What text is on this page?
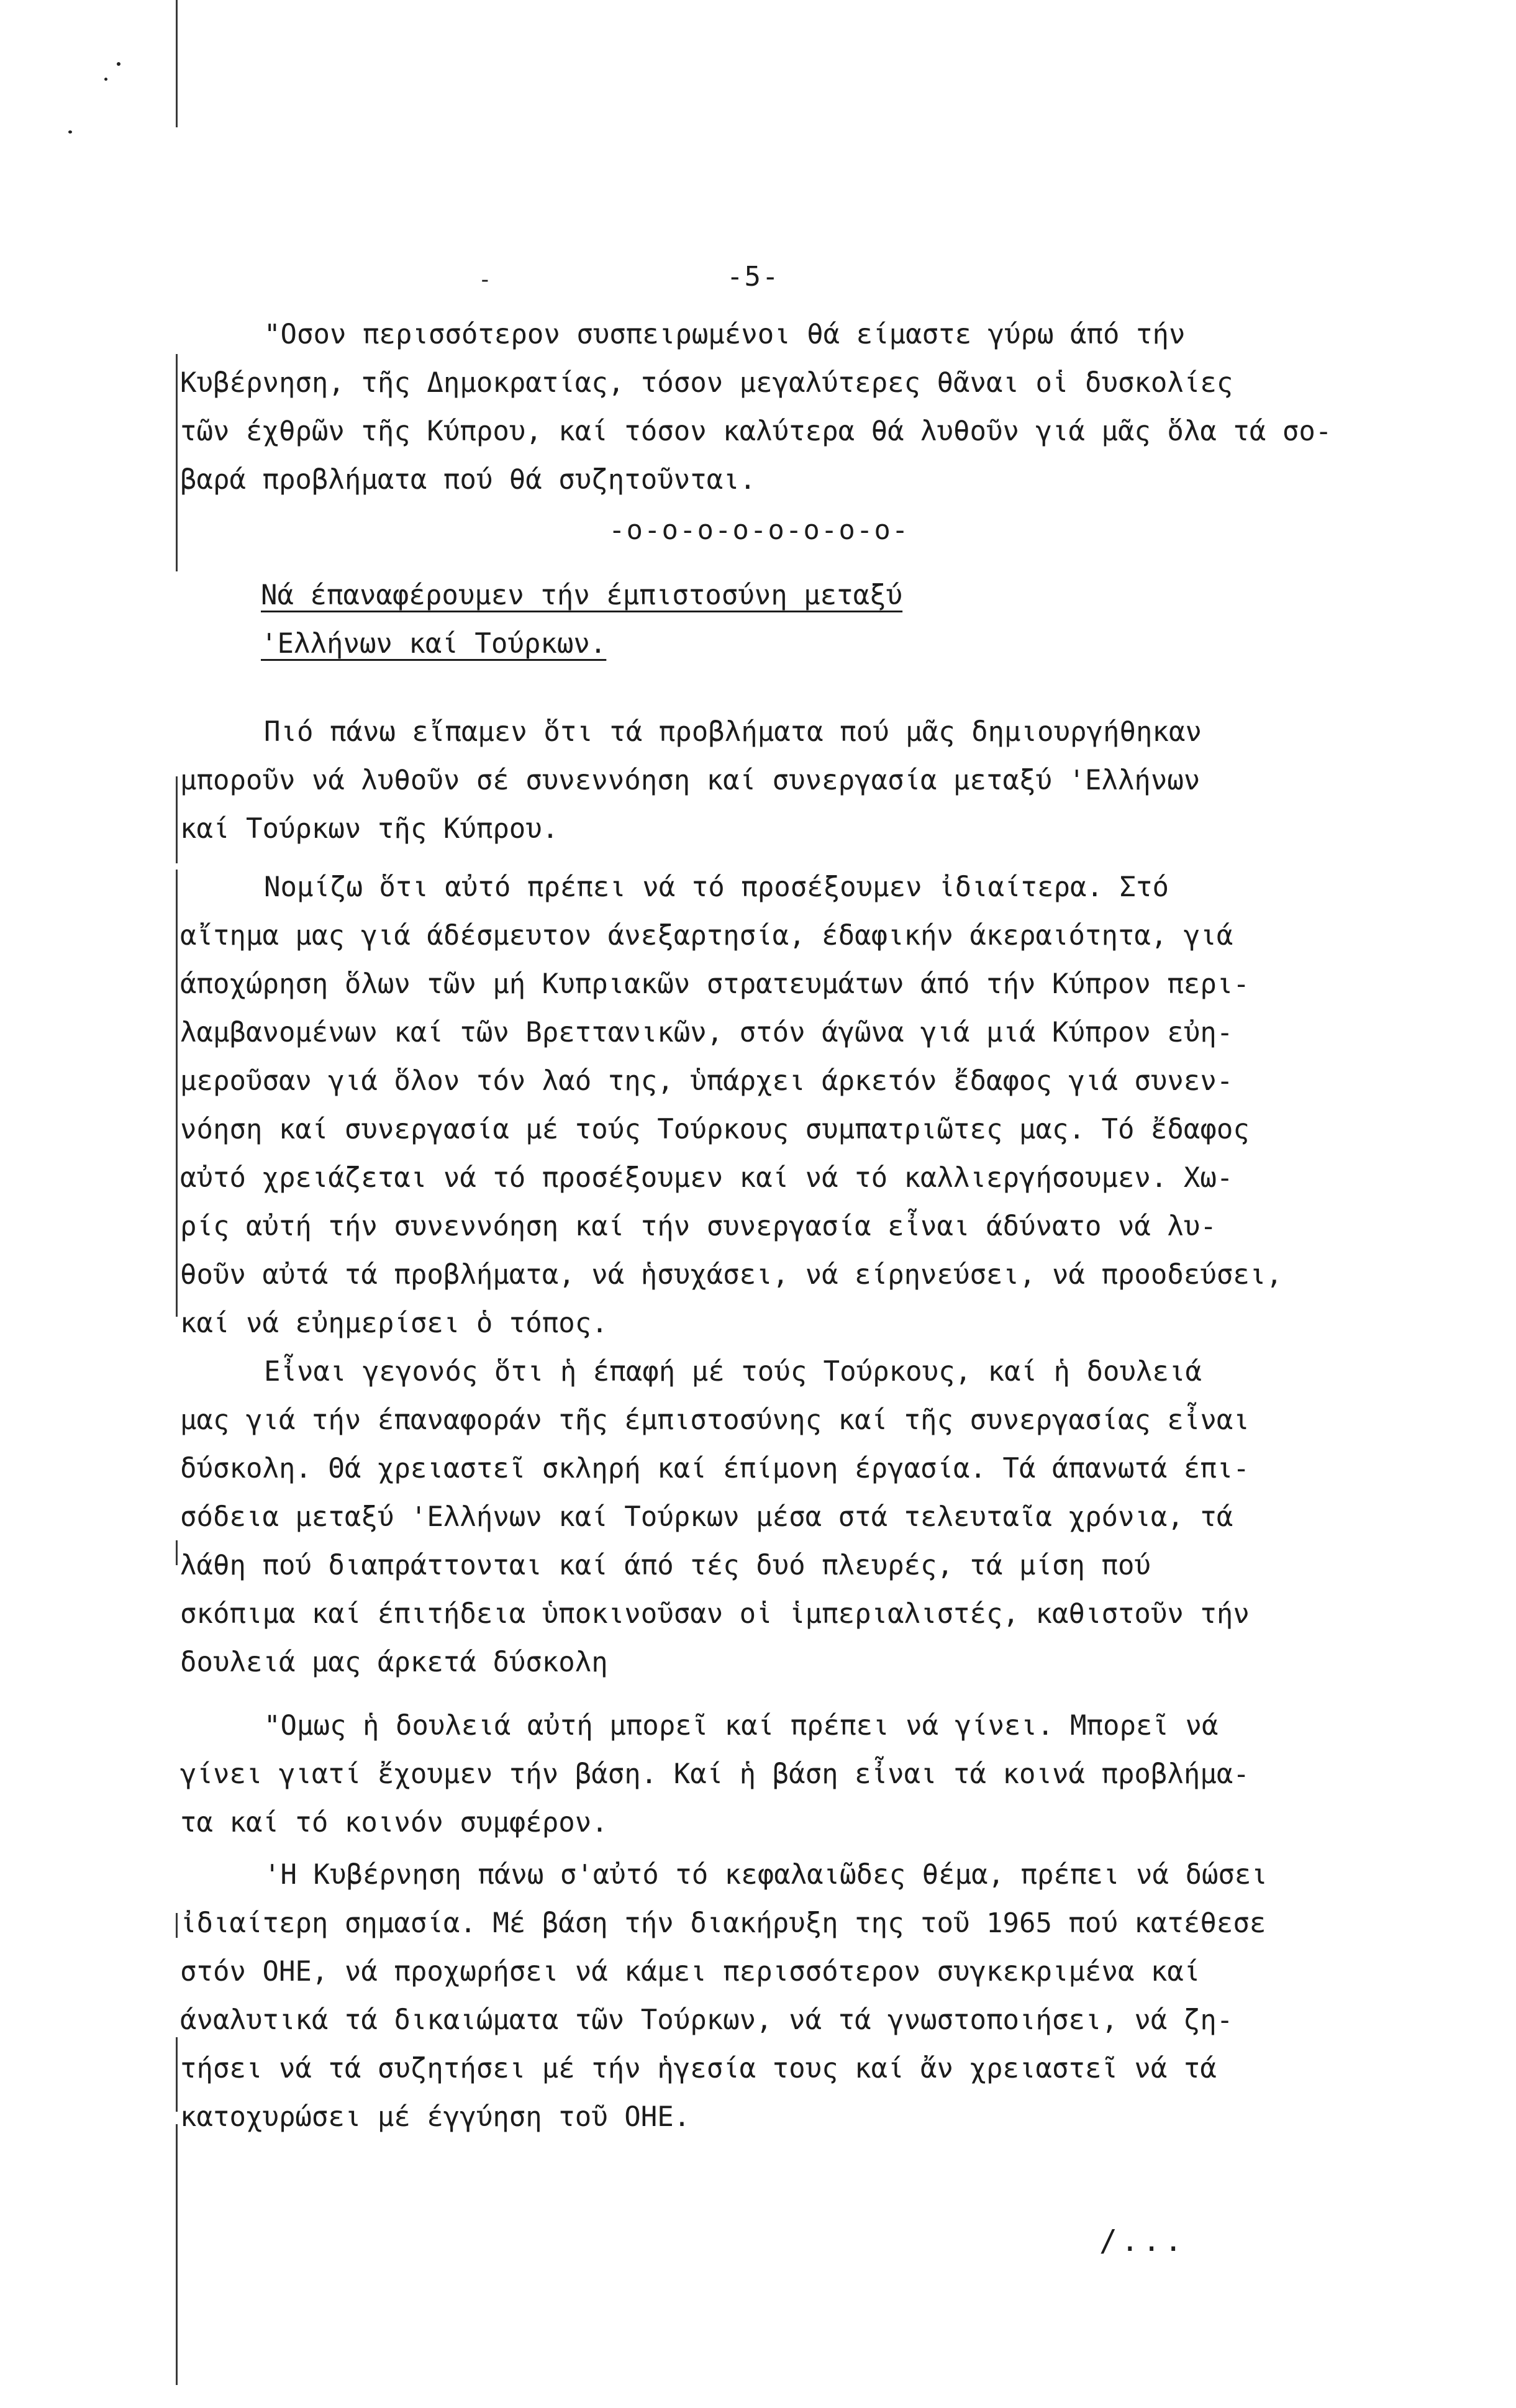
-	-5-
"Οσον περισσότερον συσπειρωμένοι θά είμαστε γύρω άπό τήν
Κυβέρνηση, τῆς Δημοκρατίας, τόσον μεγαλύτερες θᾶναι οἱ δυσκολίες
τῶν έχθρῶν τῆς Κύπρου, καί τόσον καλύτερα θά λυθοῦν γιά μᾶς ὅλα τά σο-
βαρά προβλήματα πού θά συζητοῦνται.
-o-o-o-o-o-o-o-o-
Νά έπαναφέρουμεν τήν έμπιστοσύνη μεταξύ
'Ελλήνων καί Τούρκων.
Πιό πάνω εἴπαμεν ὅτι τά προβλήματα πού μᾶς δημιουργήθηκαν
μποροῦν νά λυθοῦν σέ συνεννόηση καί συνεργασία μεταξύ 'Ελλήνων
καί Τούρκων τῆς Κύπρου.
Νομίζω ὅτι αὐτό πρέπει νά τό προσέξουμεν ἰδιαίτερα. Στό
αἴτημα μας γιά άδέσμευτον άνεξαρτησία, έδαφικήν άκεραιότητα, γιά
άποχώρηση ὅλων τῶν μή Κυπριακῶν στρατευμάτων άπό τήν Κύπρον περι-
λαμβανομένων καί τῶν Βρεττανικῶν, στόν άγῶνα γιά μιά Κύπρον εὐη-
μεροῦσαν γιά ὅλον τόν λαό της, ὑπάρχει άρκετόν ἔδαφος γιά συνεν-
νόηση καί συνεργασία μέ τούς Τούρκους συμπατριῶτες μας. Τό ἔδαφος
αὐτό χρειάζεται νά τό προσέξουμεν καί νά τό καλλιεργήσουμεν. Χω-
ρίς αὐτή τήν συνεννόηση καί τήν συνεργασία εἶναι άδύνατο νά λυ-
θοῦν αὐτά τά προβλήματα, νά ἡσυχάσει, νά είρηνεύσει, νά προοδεύσει,
καί νά εὐημερίσει ὁ τόπος.
Εἶναι γεγονός ὅτι ἡ έπαφή μέ τούς Τούρκους, καί ἡ δουλειά
μας γιά τήν έπαναφοράν τῆς έμπιστοσύνης καί τῆς συνεργασίας εἶναι
δύσκολη. Θά χρειαστεῖ σκληρή καί έπίμονη έργασία. Τά άπανωτά έπι-
σόδεια μεταξύ 'Ελλήνων καί Τούρκων μέσα στά τελευταῖα χρόνια, τά
λάθη πού διαπράττονται καί άπό τές δυό πλευρές, τά μίση πού
σκόπιμα καί έπιτήδεια ὑποκινοῦσαν οἱ ἱμπεριαλιστές, καθιστοῦν τήν
δουλειά μας άρκετά δύσκολη
"Ομως ἡ δουλειά αὐτή μπορεῖ καί πρέπει νά γίνει. Μπορεῖ νά
γίνει γιατί ἔχουμεν τήν βάση. Καί ἡ βάση εἶναι τά κοινά προβλήμα-
τα καί τό κοινόν συμφέρον.
'Η Κυβέρνηση πάνω σ'αὐτό τό κεφαλαιῶδες θέμα, πρέπει νά δώσει
ἰδιαίτερη σημασία. Μέ βάση τήν διακήρυξη της τοῦ 1965 πού κατέθεσε
στόν ΟΗΕ, νά προχωρήσει νά κάμει περισσότερον συγκεκριμένα καί
άναλυτικά τά δικαιώματα τῶν Τούρκων, νά τά γνωστοποιήσει, νά ζη-
τήσει νά τά συζητήσει μέ τήν ἡγεσία τους καί ἄν χρειαστεῖ νά τά
κατοχυρώσει μέ έγγύηση τοῦ ΟΗΕ.
/...
